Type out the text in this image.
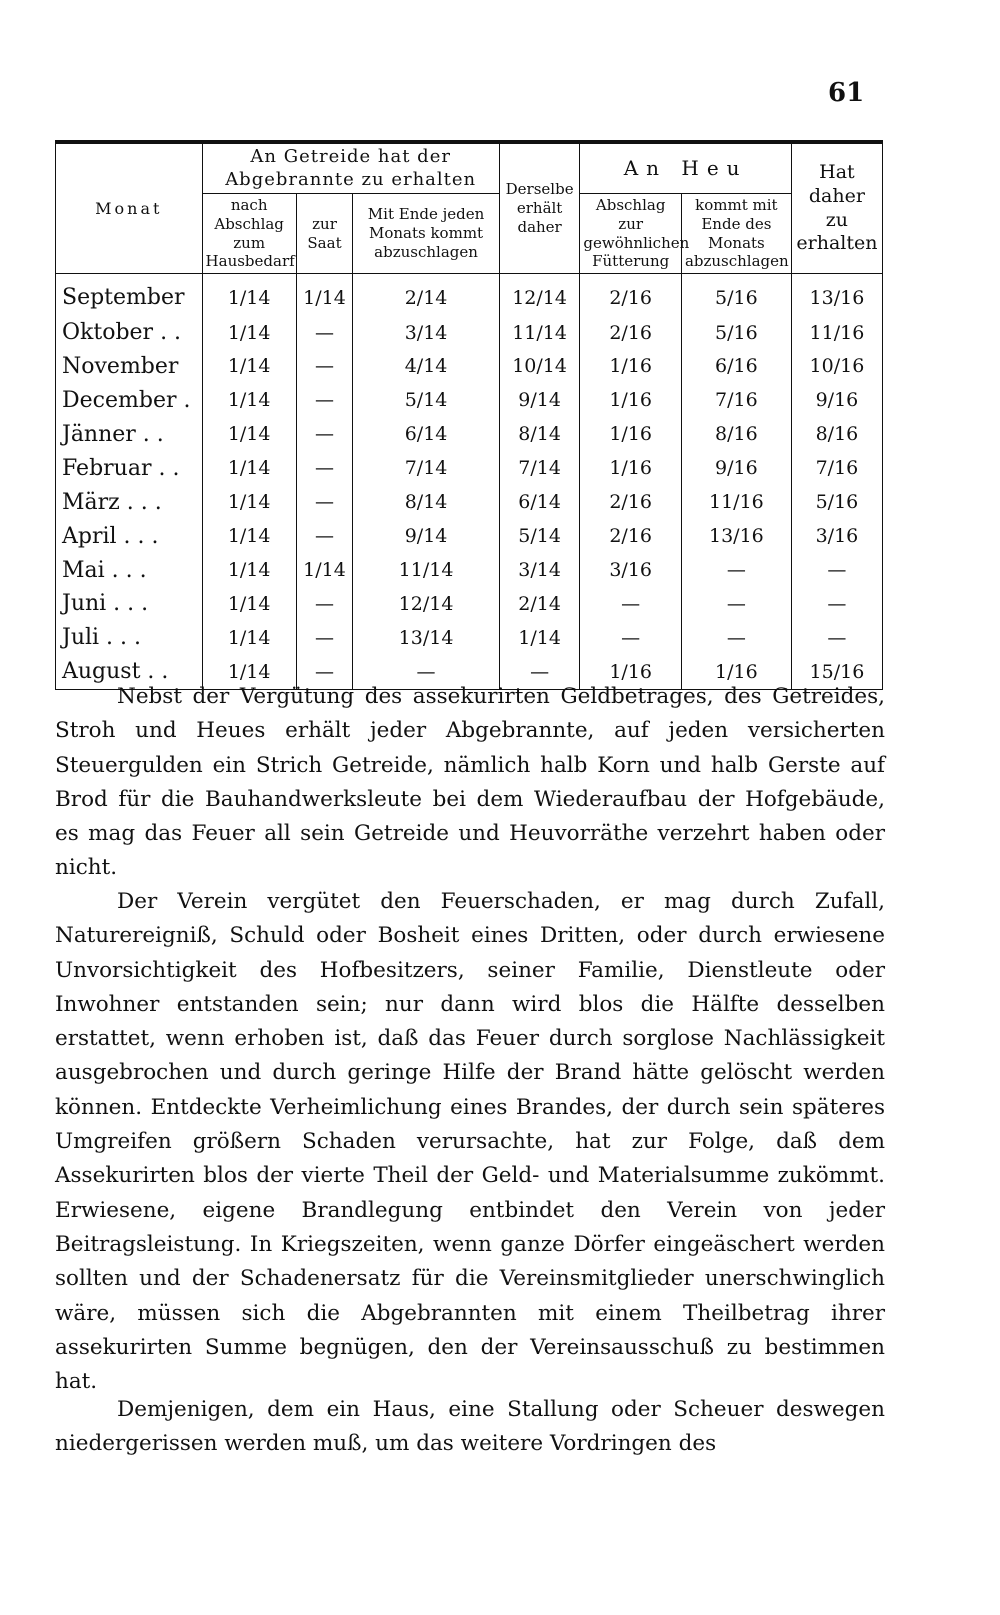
61
Monat	An Getreide hat der Abgebrannte zu erhalten			Derselbe erhält daher	An Heu		Hat daher zu erhalten
	nach Abschlag zum Hausbedarf	zur Saat	Mit Ende jeden Monats kommt abzuschlagen		Abschlag zur gewöhnlichen Fütterung	kommt mit Ende des Monats abzuschlagen	
September	1/14	1/14	2/14	12/14	2/16	5/16	13/16
Oktober . .	1/14	—	3/14	11/14	2/16	5/16	11/16
November	1/14	—	4/14	10/14	1/16	6/16	10/16
December .	1/14	—	5/14	9/14	1/16	7/16	9/16
Jänner . .	1/14	—	6/14	8/14	1/16	8/16	8/16
Februar . .	1/14	—	7/14	7/14	1/16	9/16	7/16
März . . .	1/14	—	8/14	6/14	2/16	11/16	5/16
April . . .	1/14	—	9/14	5/14	2/16	13/16	3/16
Mai . . .	1/14	1/14	11/14	3/14	3/16	—	—
Juni . . .	1/14	—	12/14	2/14	—	—	—
Juli . . .	1/14	—	13/14	1/14	—	—	—
August . .	1/14	—	—	—	1/16	1/16	15/16

Nebst der Vergütung des assekurirten Geldbetrages, des Getreides, Stroh und Heues erhält jeder Abgebrannte, auf jeden versicherten Steuergulden ein Strich Getreide, nämlich halb Korn und halb Gerste auf Brod für die Bauhandwerksleute bei dem Wiederaufbau der Hofgebäude, es mag das Feuer all sein Getreide und Heuvorräthe verzehrt haben oder nicht.

Der Verein vergütet den Feuerschaden, er mag durch Zufall, Naturereigniß, Schuld oder Bosheit eines Dritten, oder durch erwiesene Unvorsichtigkeit des Hofbesitzers, seiner Familie, Dienstleute oder Inwohner entstanden sein; nur dann wird blos die Hälfte desselben erstattet, wenn erhoben ist, daß das Feuer durch sorglose Nachlässigkeit ausgebrochen und durch geringe Hilfe der Brand hätte gelöscht werden können. Entdeckte Verheimlichung eines Brandes, der durch sein späteres Umgreifen größern Schaden verursachte, hat zur Folge, daß dem Assekurirten blos der vierte Theil der Geld- und Materialsumme zukömmt. Erwiesene, eigene Brandlegung entbindet den Verein von jeder Beitragsleistung. In Kriegszeiten, wenn ganze Dörfer eingeäschert werden sollten und der Schadenersatz für die Vereinsmitglieder unerschwinglich wäre, müssen sich die Abgebrannten mit einem Theilbetrag ihrer assekurirten Summe begnügen, den der Vereinsausschuß zu bestimmen hat.

Demjenigen, dem ein Haus, eine Stallung oder Scheuer deswegen niedergerissen werden muß, um das weitere Vordringen des
